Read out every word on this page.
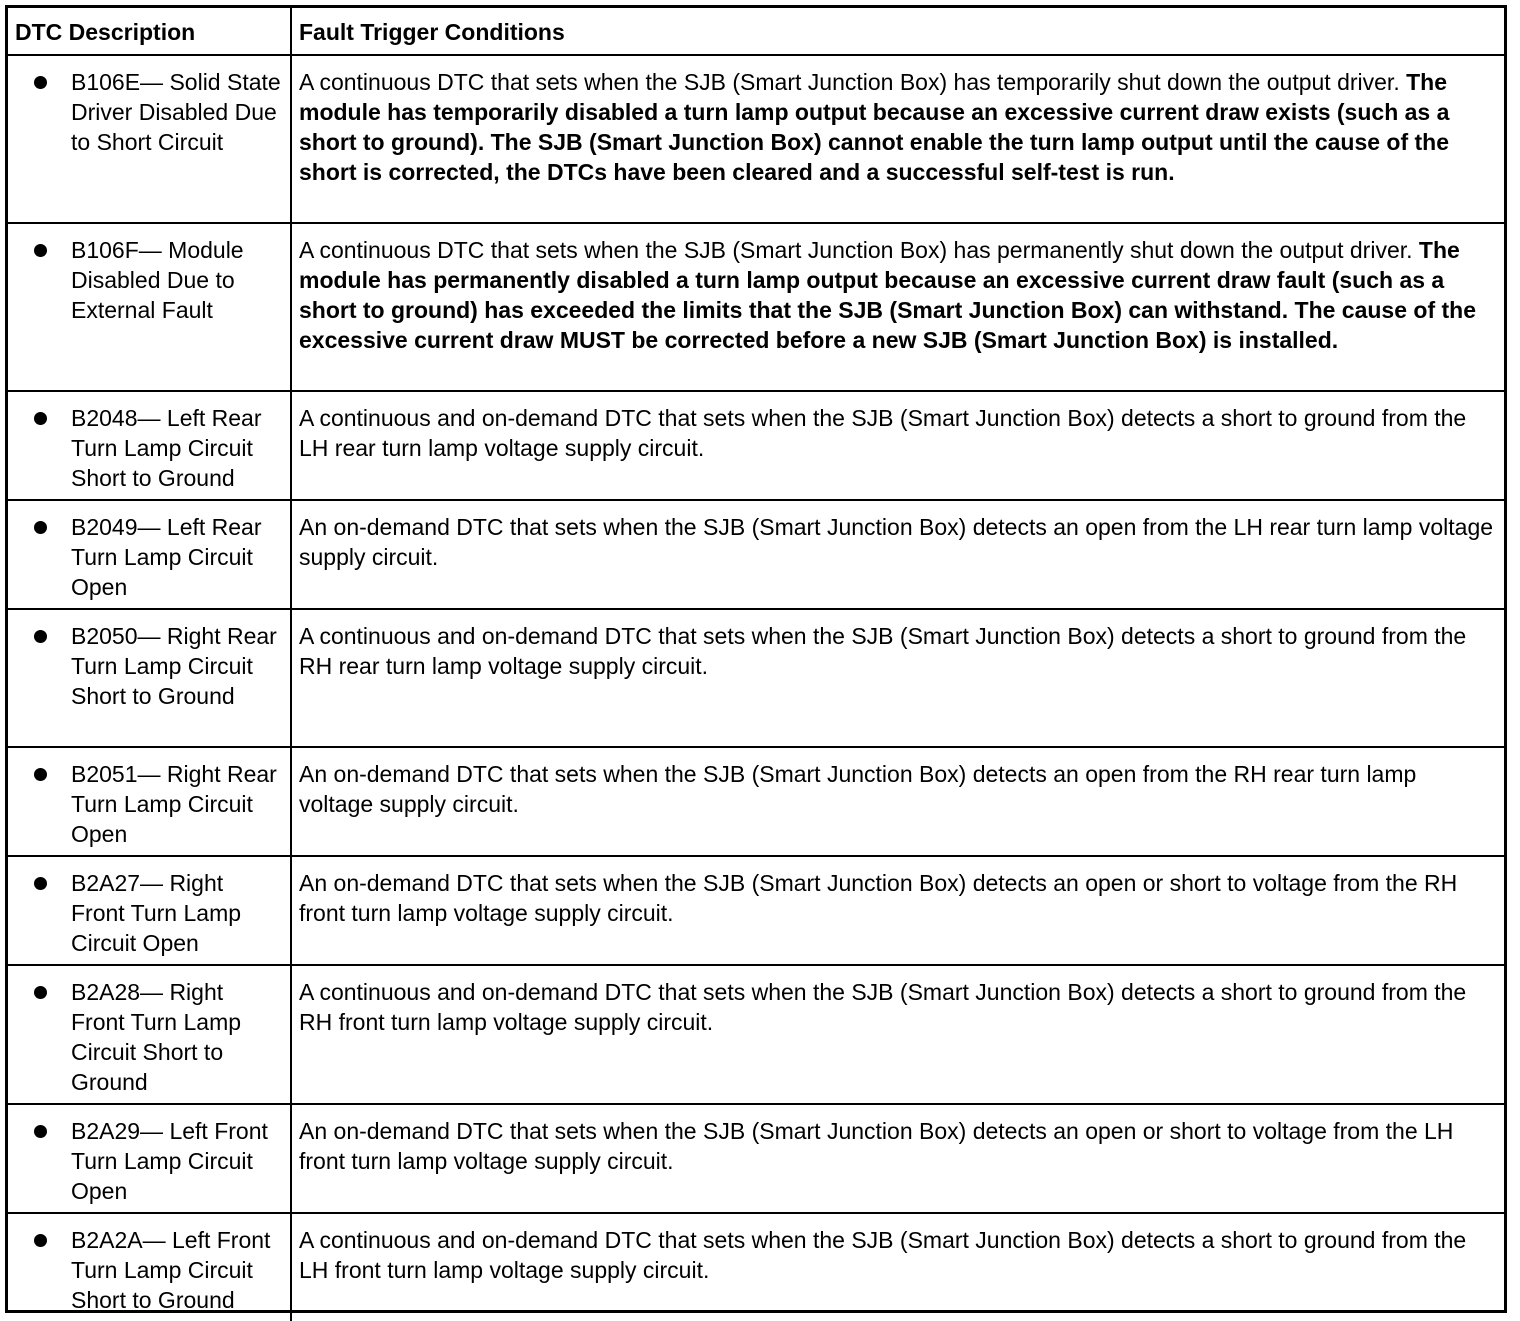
DTC Description	Fault Trigger Conditions

B106E— Solid State Driver Disabled Due to Short Circuit	A continuous DTC that sets when the SJB (Smart Junction Box) has temporarily shut down the output driver. The module has temporarily disabled a turn lamp output because an excessive current draw exists (such as a short to ground). The SJB (Smart Junction Box) cannot enable the turn lamp output until the cause of the short is corrected, the DTCs have been cleared and a successful self-test is run.

B106F— Module Disabled Due to External Fault	A continuous DTC that sets when the SJB (Smart Junction Box) has permanently shut down the output driver. The module has permanently disabled a turn lamp output because an excessive current draw fault (such as a short to ground) has exceeded the limits that the SJB (Smart Junction Box) can withstand. The cause of the excessive current draw MUST be corrected before a new SJB (Smart Junction Box) is installed.

B2048— Left Rear Turn Lamp Circuit Short to Ground	A continuous and on-demand DTC that sets when the SJB (Smart Junction Box) detects a short to ground from the LH rear turn lamp voltage supply circuit.

B2049— Left Rear Turn Lamp Circuit Open	An on-demand DTC that sets when the SJB (Smart Junction Box) detects an open from the LH rear turn lamp voltage supply circuit.

B2050— Right Rear Turn Lamp Circuit Short to Ground	A continuous and on-demand DTC that sets when the SJB (Smart Junction Box) detects a short to ground from the RH rear turn lamp voltage supply circuit.

B2051— Right Rear Turn Lamp Circuit Open	An on-demand DTC that sets when the SJB (Smart Junction Box) detects an open from the RH rear turn lamp voltage supply circuit.

B2A27— Right Front Turn Lamp Circuit Open	An on-demand DTC that sets when the SJB (Smart Junction Box) detects an open or short to voltage from the RH front turn lamp voltage supply circuit.

B2A28— Right Front Turn Lamp Circuit Short to Ground	A continuous and on-demand DTC that sets when the SJB (Smart Junction Box) detects a short to ground from the RH front turn lamp voltage supply circuit.

B2A29— Left Front Turn Lamp Circuit Open	An on-demand DTC that sets when the SJB (Smart Junction Box) detects an open or short to voltage from the LH front turn lamp voltage supply circuit.

B2A2A— Left Front Turn Lamp Circuit Short to Ground	A continuous and on-demand DTC that sets when the SJB (Smart Junction Box) detects a short to ground from the LH front turn lamp voltage supply circuit.
